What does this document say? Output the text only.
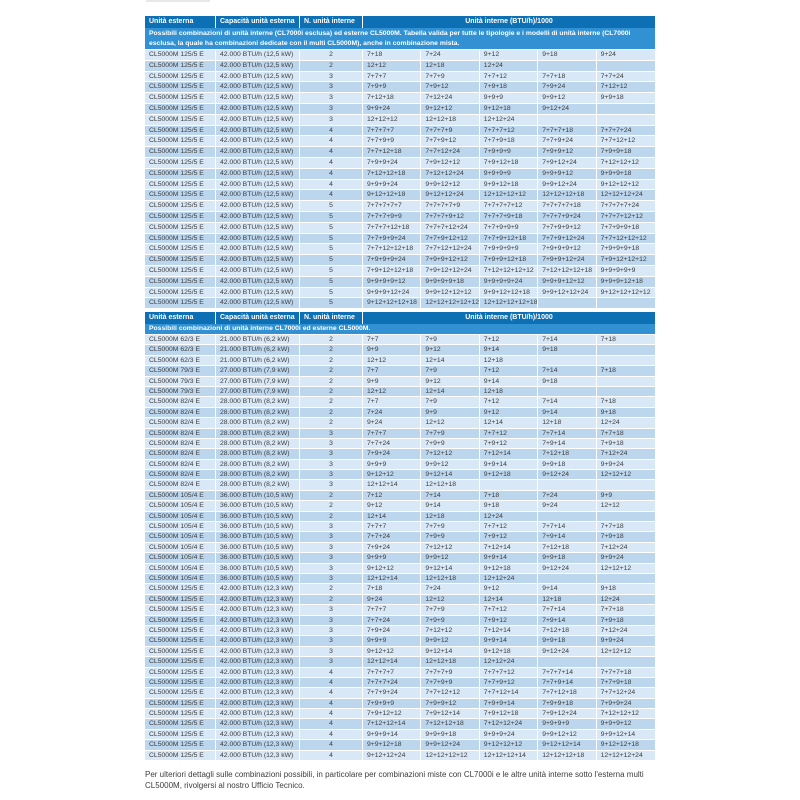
Unità esterna	Capacità unità esterna	N. unità interne	Unità interne (BTU/h)/1000
Possibili combinazioni di unità interne (CL7000i esclusa) ed esterne CL5000M. Tabella valida per tutte le tipologie e i modelli di unità interne (CL7000i esclusa, la quale ha combinazioni dedicate con il multi CL5000M), anche in combinazione mista.
CL5000M 125/5 E	42.000 BTU/h (12,5 kW)	2	7+18	7+24	9+12	9+18	9+24
CL5000M 125/5 E	42.000 BTU/h (12,5 kW)	2	12+12	12+18	12+24
CL5000M 125/5 E	42.000 BTU/h (12,5 kW)	3	7+7+7	7+7+9	7+7+12	7+7+18	7+7+24
CL5000M 125/5 E	42.000 BTU/h (12,5 kW)	3	7+9+9	7+9+12	7+9+18	7+9+24	7+12+12
CL5000M 125/5 E	42.000 BTU/h (12,5 kW)	3	7+12+18	7+12+24	9+9+9	9+9+12	9+9+18
CL5000M 125/5 E	42.000 BTU/h (12,5 kW)	3	9+9+24	9+12+12	9+12+18	9+12+24
CL5000M 125/5 E	42.000 BTU/h (12,5 kW)	3	12+12+12	12+12+18	12+12+24
CL5000M 125/5 E	42.000 BTU/h (12,5 kW)	4	7+7+7+7	7+7+7+9	7+7+7+12	7+7+7+18	7+7+7+24
CL5000M 125/5 E	42.000 BTU/h (12,5 kW)	4	7+7+9+9	7+7+9+12	7+7+9+18	7+7+9+24	7+7+12+12
CL5000M 125/5 E	42.000 BTU/h (12,5 kW)	4	7+7+12+18	7+7+12+24	7+9+9+9	7+9+9+12	7+9+9+18
CL5000M 125/5 E	42.000 BTU/h (12,5 kW)	4	7+9+9+24	7+9+12+12	7+9+12+18	7+9+12+24	7+12+12+12
CL5000M 125/5 E	42.000 BTU/h (12,5 kW)	4	7+12+12+18	7+12+12+24	9+9+9+9	9+9+9+12	9+9+9+18
CL5000M 125/5 E	42.000 BTU/h (12,5 kW)	4	9+9+9+24	9+9+12+12	9+9+12+18	9+9+12+24	9+12+12+12
CL5000M 125/5 E	42.000 BTU/h (12,5 kW)	4	9+12+12+18	9+12+12+24	12+12+12+12	12+12+12+18	12+12+12+24
CL5000M 125/5 E	42.000 BTU/h (12,5 kW)	5	7+7+7+7+7	7+7+7+7+9	7+7+7+7+12	7+7+7+7+18	7+7+7+7+24
CL5000M 125/5 E	42.000 BTU/h (12,5 kW)	5	7+7+7+9+9	7+7+7+9+12	7+7+7+9+18	7+7+7+9+24	7+7+7+12+12
CL5000M 125/5 E	42.000 BTU/h (12,5 kW)	5	7+7+7+12+18	7+7+7+12+24	7+7+9+9+9	7+7+9+9+12	7+7+9+9+18
CL5000M 125/5 E	42.000 BTU/h (12,5 kW)	5	7+7+9+9+24	7+7+9+12+12	7+7+9+12+18	7+7+9+12+24	7+7+12+12+12
CL5000M 125/5 E	42.000 BTU/h (12,5 kW)	5	7+7+12+12+18	7+7+12+12+24	7+9+9+9+9	7+9+9+9+12	7+9+9+9+18
CL5000M 125/5 E	42.000 BTU/h (12,5 kW)	5	7+9+9+9+24	7+9+9+12+12	7+9+9+12+18	7+9+9+12+24	7+9+12+12+12
CL5000M 125/5 E	42.000 BTU/h (12,5 kW)	5	7+9+12+12+18	7+9+12+12+24	7+12+12+12+12	7+12+12+12+18	9+9+9+9+9
CL5000M 125/5 E	42.000 BTU/h (12,5 kW)	5	9+9+9+9+12	9+9+9+9+18	9+9+9+9+24	9+9+9+12+12	9+9+9+12+18
CL5000M 125/5 E	42.000 BTU/h (12,5 kW)	5	9+9+9+12+24	9+9+12+12+12	9+9+12+12+18	9+9+12+12+24	9+12+12+12+12
CL5000M 125/5 E	42.000 BTU/h (12,5 kW)	5	9+12+12+12+18	12+12+12+12+12 12+12+12+12+18
Unità esterna	Capacità unità esterna	N. unità interne	Unità interne (BTU/h)/1000
Possibili combinazioni di unità interne CL7000i ed esterne CL5000M.
CL5000M 62/3 E	21.000 BTU/h (6,2 kW)	2	7+7	7+9	7+12	7+14	7+18
CL5000M 62/3 E	21.000 BTU/h (6,2 kW)	2	9+9	9+12	9+14	9+18
CL5000M 62/3 E	21.000 BTU/h (6,2 kW)	2	12+12	12+14	12+18
CL5000M 79/3 E	27.000 BTU/h (7,9 kW)	2	7+7	7+9	7+12	7+14	7+18
CL5000M 79/3 E	27.000 BTU/h (7,9 kW)	2	9+9	9+12	9+14	9+18
CL5000M 79/3 E	27.000 BTU/h (7,9 kW)	2	12+12	12+14	12+18
CL5000M 82/4 E	28.000 BTU/h (8,2 kW)	2	7+7	7+9	7+12	7+14	7+18
CL5000M 82/4 E	28.000 BTU/h (8,2 kW)	2	7+24	9+9	9+12	9+14	9+18
CL5000M 82/4 E	28.000 BTU/h (8,2 kW)	2	9+24	12+12	12+14	12+18	12+24
CL5000M 82/4 E	28.000 BTU/h (8,2 kW)	3	7+7+7	7+7+9	7+7+12	7+7+14	7+7+18
CL5000M 82/4 E	28.000 BTU/h (8,2 kW)	3	7+7+24	7+9+9	7+9+12	7+9+14	7+9+18
CL5000M 82/4 E	28.000 BTU/h (8,2 kW)	3	7+9+24	7+12+12	7+12+14	7+12+18	7+12+24
CL5000M 82/4 E	28.000 BTU/h (8,2 kW)	3	9+9+9	9+9+12	9+9+14	9+9+18	9+9+24
CL5000M 82/4 E	28.000 BTU/h (8,2 kW)	3	9+12+12	9+12+14	9+12+18	9+12+24	12+12+12
CL5000M 82/4 E	28.000 BTU/h (8,2 kW)	3	12+12+14	12+12+18
CL5000M 105/4 E	36.000 BTU/h (10,5 kW)	2	7+12	7+14	7+18	7+24	9+9
CL5000M 105/4 E	36.000 BTU/h (10,5 kW)	2	9+12	9+14	9+18	9+24	12+12
CL5000M 105/4 E	36.000 BTU/h (10,5 kW)	2	12+14	12+18	12+24
CL5000M 105/4 E	36.000 BTU/h (10,5 kW)	3	7+7+7	7+7+9	7+7+12	7+7+14	7+7+18
CL5000M 105/4 E	36.000 BTU/h (10,5 kW)	3	7+7+24	7+9+9	7+9+12	7+9+14	7+9+18
CL5000M 105/4 E	36.000 BTU/h (10,5 kW)	3	7+9+24	7+12+12	7+12+14	7+12+18	7+12+24
CL5000M 105/4 E	36.000 BTU/h (10,5 kW)	3	9+9+9	9+9+12	9+9+14	9+9+18	9+9+24
CL5000M 105/4 E	36.000 BTU/h (10,5 kW)	3	9+12+12	9+12+14	9+12+18	9+12+24	12+12+12
CL5000M 105/4 E	36.000 BTU/h (10,5 kW)	3	12+12+14	12+12+18	12+12+24
CL5000M 125/5 E	42.000 BTU/h (12,3 kW)	2	7+18	7+24	9+12	9+14	9+18
CL5000M 125/5 E	42.000 BTU/h (12,3 kW)	2	9+24	12+12	12+14	12+18	12+24
CL5000M 125/5 E	42.000 BTU/h (12,3 kW)	3	7+7+7	7+7+9	7+7+12	7+7+14	7+7+18
CL5000M 125/5 E	42.000 BTU/h (12,3 kW)	3	7+7+24	7+9+9	7+9+12	7+9+14	7+9+18
CL5000M 125/5 E	42.000 BTU/h (12,3 kW)	3	7+9+24	7+12+12	7+12+14	7+12+18	7+12+24
CL5000M 125/5 E	42.000 BTU/h (12,3 kW)	3	9+9+9	9+9+12	9+9+14	9+9+18	9+9+24
CL5000M 125/5 E	42.000 BTU/h (12,3 kW)	3	9+12+12	9+12+14	9+12+18	9+12+24	12+12+12
CL5000M 125/5 E	42.000 BTU/h (12,3 kW)	3	12+12+14	12+12+18	12+12+24
CL5000M 125/5 E	42.000 BTU/h (12,3 kW)	4	7+7+7+7	7+7+7+9	7+7+7+12	7+7+7+14	7+7+7+18
CL5000M 125/5 E	42.000 BTU/h (12,3 kW)	4	7+7+7+24	7+7+9+9	7+7+9+12	7+7+9+14	7+7+9+18
CL5000M 125/5 E	42.000 BTU/h (12,3 kW)	4	7+7+9+24	7+7+12+12	7+7+12+14	7+7+12+18	7+7+12+24
CL5000M 125/5 E	42.000 BTU/h (12,3 kW)	4	7+9+9+9	7+9+9+12	7+9+9+14	7+9+9+18	7+9+9+24
CL5000M 125/5 E	42.000 BTU/h (12,3 kW)	4	7+9+12+12	7+9+12+14	7+9+12+18	7+9+12+24	7+12+12+12
CL5000M 125/5 E	42.000 BTU/h (12,3 kW)	4	7+12+12+14	7+12+12+18	7+12+12+24	9+9+9+9	9+9+9+12
CL5000M 125/5 E	42.000 BTU/h (12,3 kW)	4	9+9+9+14	9+9+9+18	9+9+9+24	9+9+12+12	9+9+12+14
CL5000M 125/5 E	42.000 BTU/h (12,3 kW)	4	9+9+12+18	9+9+12+24	9+12+12+12	9+12+12+14	9+12+12+18
CL5000M 125/5 E	42.000 BTU/h (12,3 kW)	4	9+12+12+24	12+12+12+12	12+12+12+14	12+12+12+18	12+12+12+24
Per ulteriori dettagli sulle combinazioni possibili, in particolare per combinazioni miste con CL7000i e le altre unità interne sotto l'esterna multi CL5000M, rivolgersi al nostro Ufficio Tecnico.
